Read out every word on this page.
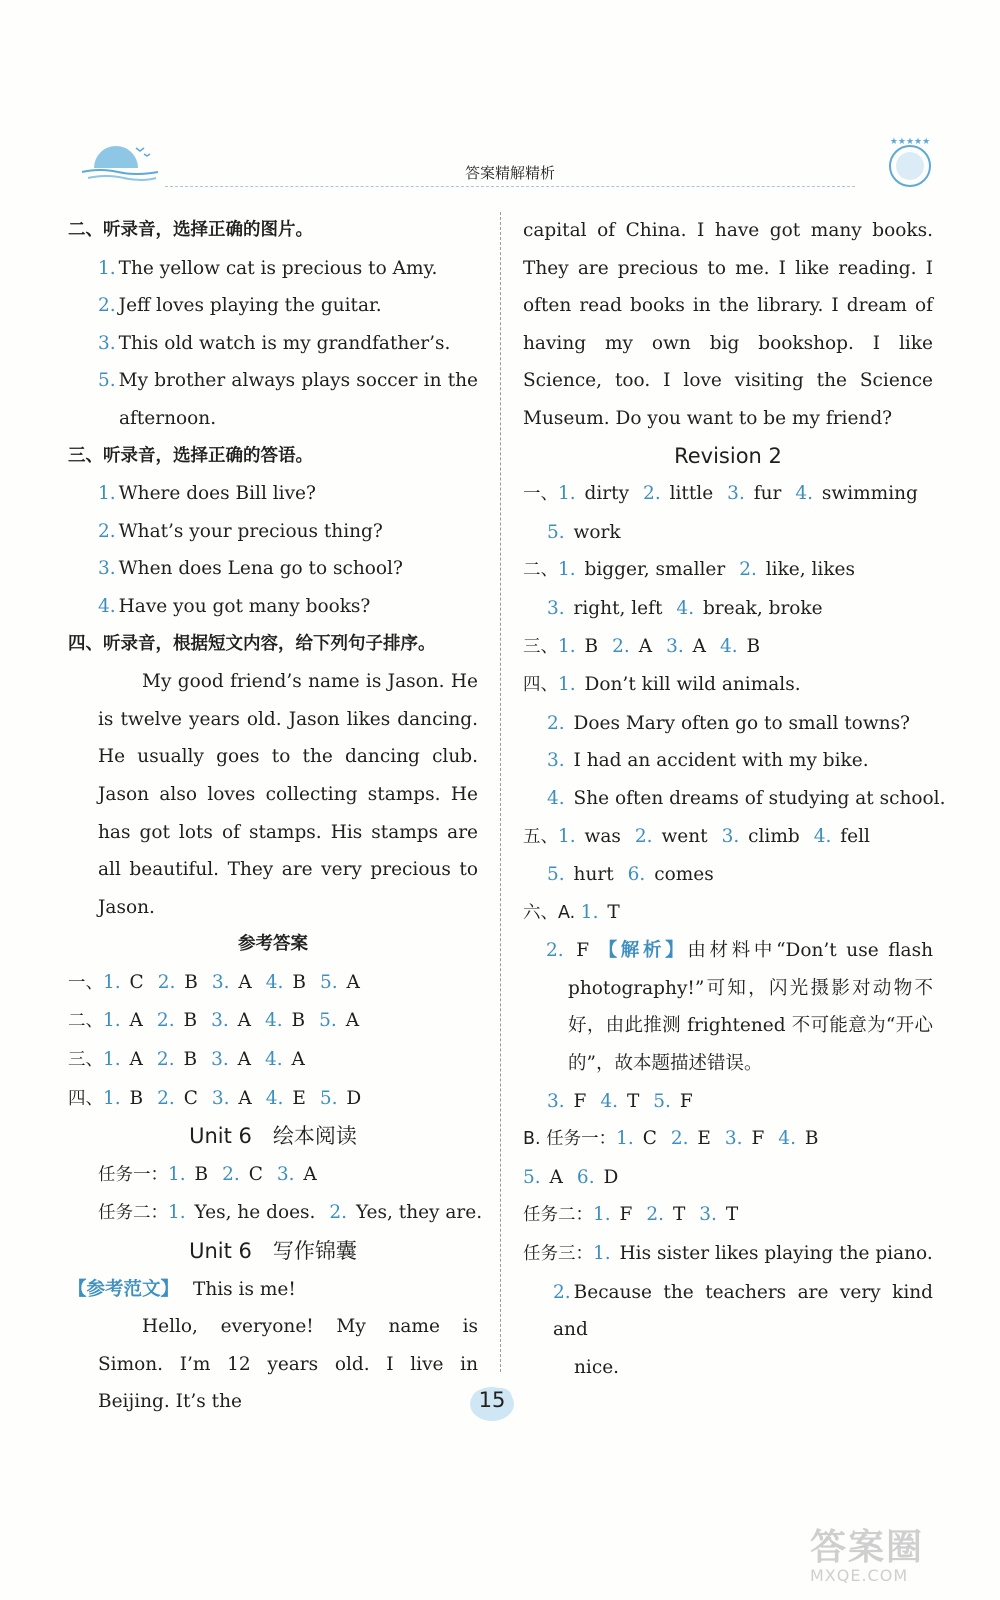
答案精解精析
★★★★★
二、听录音，选择正确的图片。
1. The yellow cat is precious to Amy.
2. Jeff loves playing the guitar.
3. This old watch is my grandfather’s.
5. My brother always plays soccer in the
afternoon.
三、听录音，选择正确的答语。
1. Where does Bill live?
2. What’s your precious thing?
3. When does Lena go to school?
4. Have you got many books?
四、听录音，根据短文内容，给下列句子排序。
My good friend’s name is Jason. He is twelve years old. Jason likes dancing. He usually goes to the dancing club. Jason also loves collecting stamps. He has got lots of stamps. His stamps are all beautiful. They are very precious to Jason.
参考答案
一、1. C 2. B 3. A 4. B 5. A
二、1. A 2. B 3. A 4. B 5. A
三、1. A 2. B 3. A 4. A
四、1. B 2. C 3. A 4. E 5. D
Unit 6　绘本阅读
任务一：1. B 2. C 3. A
任务二：1. Yes, he does. 2. Yes, they are.
Unit 6　写作锦囊
【参考范文】 This is me!
Hello, everyone! My name is Simon. I’m 12 years old. I live in Beijing. It’s the
capital of China. I have got many books. They are precious to me. I like reading. I often read books in the library. I dream of having my own big bookshop. I like Science, too. I love visiting the Science Museum. Do you want to be my friend?
Revision 2
一、1. dirty 2. little 3. fur 4. swimming
5. work
二、1. bigger, smaller 2. like, likes
3. right, left 4. break, broke
三、1. B 2. A 3. A 4. B
四、1. Don’t kill wild animals.
2. Does Mary often go to small towns?
3. I had an accident with my bike.
4. She often dreams of studying at school.
五、1. was 2. went 3. climb 4. fell
5. hurt 6. comes
六、A. 1. T
2. F 【解析】由材料中“Don’t use flash photography!”可知，闪光摄影对动物不好，由此推测 frightened 不可能意为“开心的”，故本题描述错误。
3. F 4. T 5. F
B. 任务一：1. C 2. E 3. F 4. B
5. A 6. D
任务二：1. F 2. T 3. T
任务三：1. His sister likes playing the piano.
2. Because the teachers are very kind and
nice.
15
答案圈
MXQE.COM
